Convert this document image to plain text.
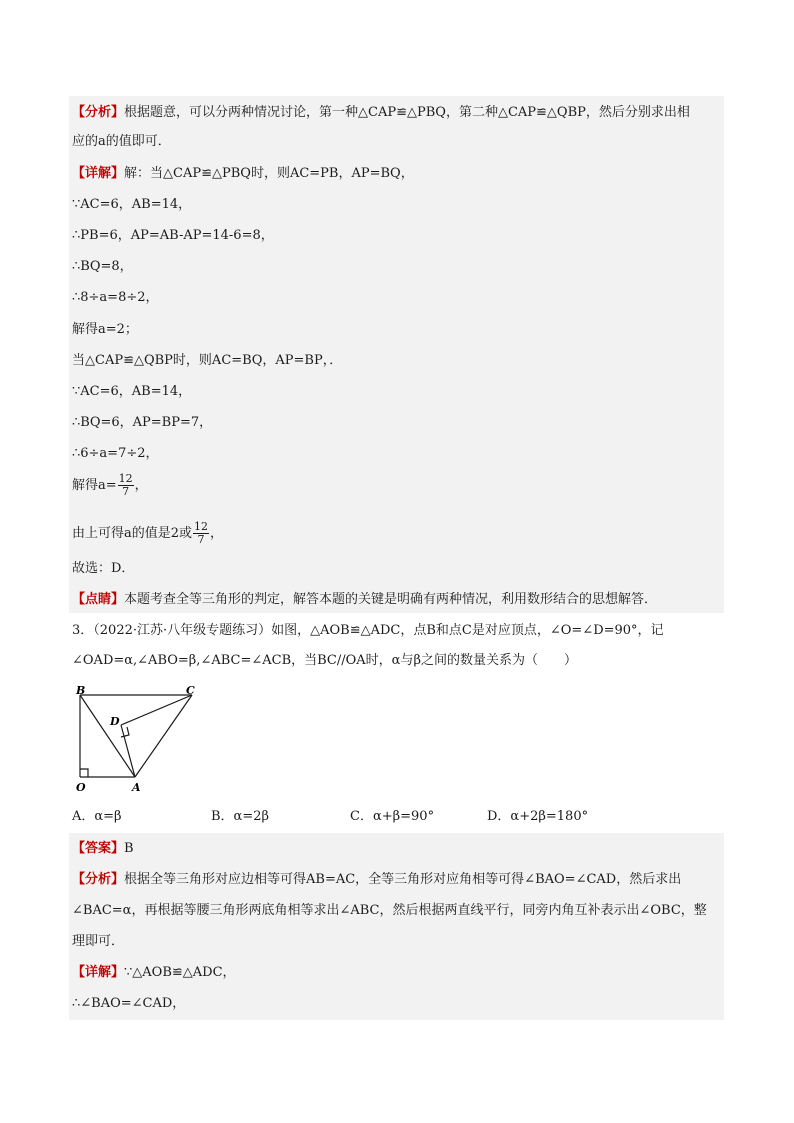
【分析】根据题意，可以分两种情况讨论，第一种△CAP≌△PBQ，第二种△CAP≌△QBP，然后分别求出相
应的a的值即可．
【详解】解：当△CAP≌△PBQ时，则AC=PB，AP=BQ，
∵AC=6，AB=14，
∴PB=6，AP=AB-AP=14-6=8，
∴BQ=8，
∴8÷a=8÷2，
解得a=2；
当△CAP≌△QBP时，则AC=BQ，AP=BP，．
∵AC=6，AB=14，
∴BQ=6，AP=BP=7，
∴6÷a=7÷2，
解得$a= \frac{12}{7}$ ，
由上可得a的值是2或 $\frac{12}{7}$ ，
故选：D．
【点睛】本题考查全等三角形的判定，解答本题的关键是明确有两种情况，利用数形结合的思想解答．
3．（2022·江苏·八年级专题练习）如图，△AOB≌△ADC，点B和点C是对应顶点，∠O=∠D=90°，记
∠OAD=α,∠ABO=β,∠ABC=∠ACB，当BC//OA时，α与β之间的数量关系为（　　）
B	C
D
O	A
A．α=β	B．α=2β	C．α+β=90°	D．α+2β=180°
【答案】B
【分析】根据全等三角形对应边相等可得AB=AC，全等三角形对应角相等可得∠BAO=∠CAD，然后求出
∠BAC=α，再根据等腰三角形两底角相等求出∠ABC，然后根据两直线平行，同旁内角互补表示出∠OBC，整
理即可．
【详解】∵△AOB≌△ADC，
∴∠BAO=∠CAD，
